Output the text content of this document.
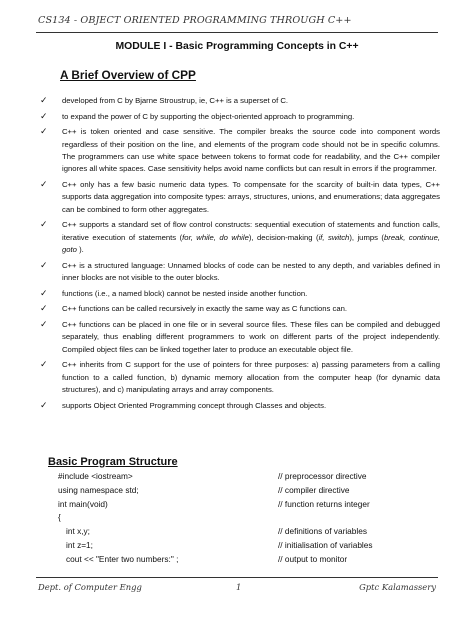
CS134 - OBJECT ORIENTED PROGRAMMING THROUGH C++
MODULE I - Basic Programming Concepts in C++
A Brief Overview of CPP
✓ developed from C by Bjarne Stroustrup, ie, C++ is a superset of C.
✓ to expand the power of C by supporting the object-oriented approach to programming.
✓ C++ is token oriented and case sensitive. The compiler breaks the source code into component words regardless of their position on the line, and elements of the program code should not be in specific columns. The programmers can use white space between tokens to format code for readability, and the C++ compiler ignores all white spaces. Case sensitivity helps avoid name conflicts but can result in errors if the programmer.
✓ C++ only has a few basic numeric data types. To compensate for the scarcity of built-in data types, C++ supports data aggregation into composite types: arrays, structures, unions, and enumerations; data aggregates can be combined to form other aggregates.
✓ C++ supports a standard set of flow control constructs: sequential execution of statements and function calls, iterative execution of statements (for, while, do while), decision-making (if, switch), jumps (break, continue, goto ).
✓ C++ is a structured language: Unnamed blocks of code can be nested to any depth, and variables defined in inner blocks are not visible to the outer blocks.
✓ functions (i.e., a named block) cannot be nested inside another function.
✓ C++ functions can be called recursively in exactly the same way as C functions can.
✓ C++ functions can be placed in one file or in several source files. These files can be compiled and debugged separately, thus enabling different programmers to work on different parts of the project independently. Compiled object files can be linked together later to produce an executable object file.
✓ C++ inherits from C support for the use of pointers for three purposes: a) passing parameters from a calling function to a called function, b) dynamic memory allocation from the computer heap (for dynamic data structures), and c) manipulating arrays and array components.
✓ supports Object Oriented Programming concept through Classes and objects.
Basic Program Structure
#include <iostream>	// preprocessor directive
using namespace std;	// compiler directive
int main(void)	// function returns integer
{
int x,y;	// definitions of variables
int z=1;	// initialisation of variables
cout << "Enter two numbers:" ;	// output to monitor
Dept. of Computer Engg	1	Gptc Kalamassery
